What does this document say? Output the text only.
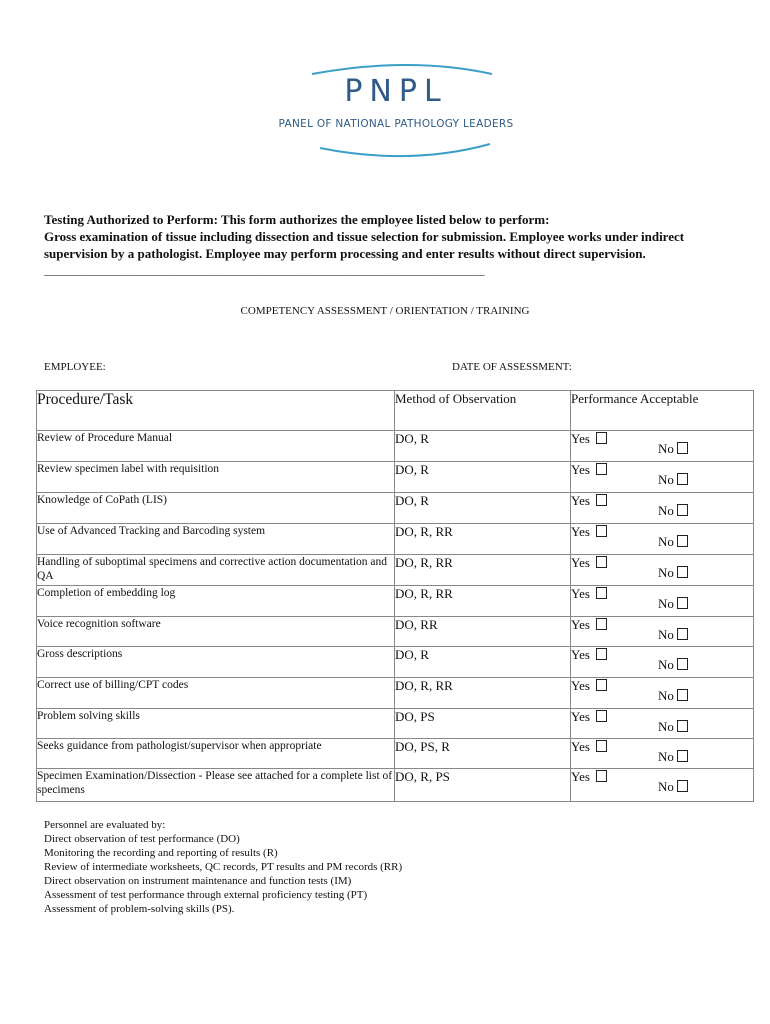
PNPL
PANEL OF NATIONAL PATHOLOGY LEADERS
Testing Authorized to Perform: This form authorizes the employee listed below to perform:
Gross examination of tissue including dissection and tissue selection for submission. Employee works under indirect supervision by a pathologist. Employee may perform processing and enter results without direct supervision.
____________________________________________________________________________________________________
COMPETENCY ASSESSMENT / ORIENTATION / TRAINING
EMPLOYEE:	DATE OF ASSESSMENT:
Procedure/Task	Method of Observation	Performance Acceptable
Review of Procedure Manual	DO, R	Yes
No

Review specimen label with requisition	DO, R	Yes
No

Knowledge of CoPath (LIS)	DO, R	Yes
No

Use of Advanced Tracking and Barcoding system	DO, R, RR	Yes
No

Handling of suboptimal specimens and corrective action documentation and QA	DO, R, RR	Yes
No

Completion of embedding log	DO, R, RR	Yes
No

Voice recognition software	DO, RR	Yes
No

Gross descriptions	DO, R	Yes
No

Correct use of billing/CPT codes	DO, R, RR	Yes
No

Problem solving skills	DO, PS	Yes
No

Seeks guidance from pathologist/supervisor when appropriate	DO, PS, R	Yes
No

Specimen Examination/Dissection - Please see attached for a complete list of specimens	DO, R, PS	Yes
No
Personnel are evaluated by:
Direct observation of test performance (DO)
Monitoring the recording and reporting of results (R)
Review of intermediate worksheets, QC records, PT results and PM records (RR)
Direct observation on instrument maintenance and function tests (IM)
Assessment of test performance through external proficiency testing (PT)
Assessment of problem-solving skills (PS).
